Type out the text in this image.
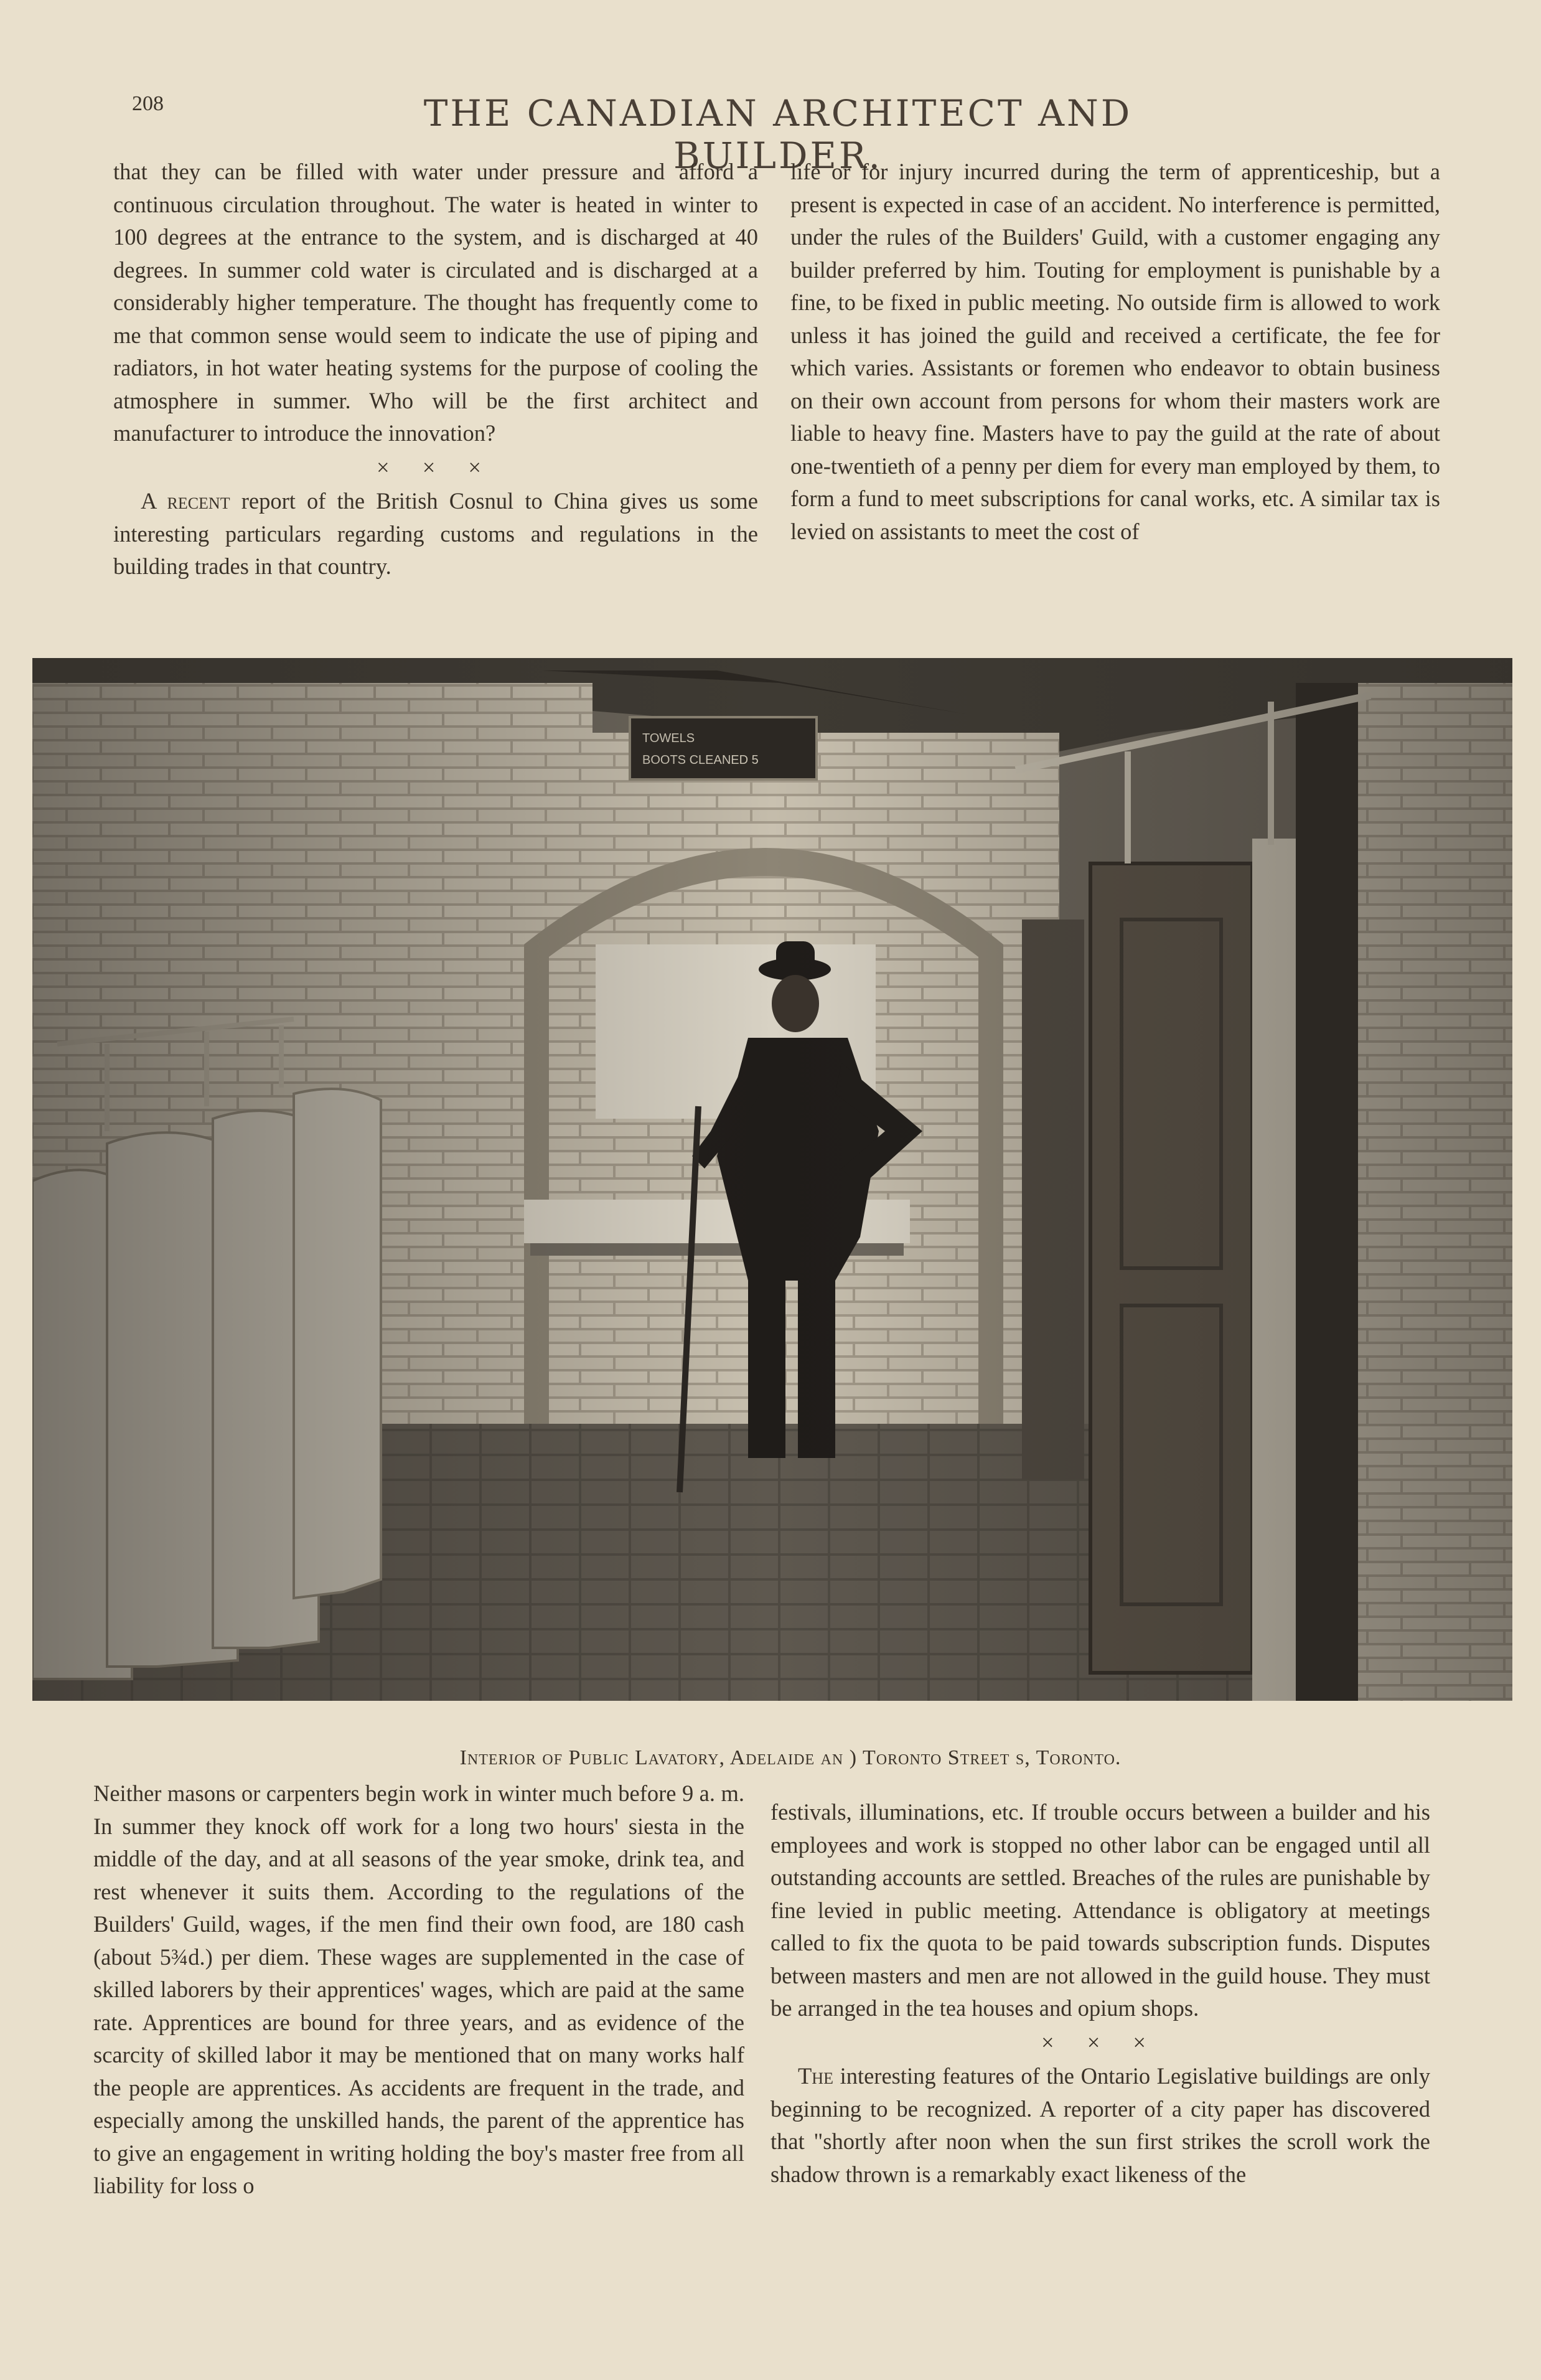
208	THE CANADIAN ARCHITECT AND BUILDER.

that they can be filled with water under pressure and afford a continuous circulation throughout. The water is heated in winter to 100 degrees at the entrance to the system, and is discharged at 40 degrees. In summer cold water is circulated and is discharged at a considerably higher temperature. The thought has frequently come to me that common sense would seem to indicate the use of piping and radiators, in hot water heating systems for the purpose of cooling the atmosphere in summer. Who will be the first architect and manufacturer to introduce the innovation?

× × ×

A recent report of the British Cosnul to China gives us some interesting particulars regarding customs and regulations in the building trades in that country.

life or for injury incurred during the term of apprenticeship, but a present is expected in case of an accident. No interference is permitted, under the rules of the Builders' Guild, with a customer engaging any builder preferred by him. Touting for employment is punishable by a fine, to be fixed in public meeting. No outside firm is allowed to work unless it has joined the guild and received a certificate, the fee for which varies. Assistants or foremen who endeavor to obtain business on their own account from persons for whom their masters work are liable to heavy fine. Masters have to pay the guild at the rate of about one-twentieth of a penny per diem for every man employed by them, to form a fund to meet subscriptions for canal works, etc. A similar tax is levied on assistants to meet the cost of

Interior of Public Lavatory, Adelaide an ) Toronto Street s, Toronto.

Neither masons or carpenters begin work in winter much before 9 a. m. In summer they knock off work for a long two hours' siesta in the middle of the day, and at all seasons of the year smoke, drink tea, and rest whenever it suits them. According to the regulations of the Builders' Guild, wages, if the men find their own food, are 180 cash (about 5¾d.) per diem. These wages are supplemented in the case of skilled laborers by their apprentices' wages, which are paid at the same rate. Apprentices are bound for three years, and as evidence of the scarcity of skilled labor it may be mentioned that on many works half the people are apprentices. As accidents are frequent in the trade, and especially among the unskilled hands, the parent of the apprentice has to give an engagement in writing holding the boy's master free from all liability for loss o

festivals, illuminations, etc. If trouble occurs between a builder and his employees and work is stopped no other labor can be engaged until all outstanding accounts are settled. Breaches of the rules are punishable by fine levied in public meeting. Attendance is obligatory at meetings called to fix the quota to be paid towards subscription funds. Disputes between masters and men are not allowed in the guild house. They must be arranged in the tea houses and opium shops.

× × ×

The interesting features of the Ontario Legislative buildings are only beginning to be recognized. A reporter of a city paper has discovered that "shortly after noon when the sun first strikes the scroll work the shadow thrown is a remarkably exact likeness of the
